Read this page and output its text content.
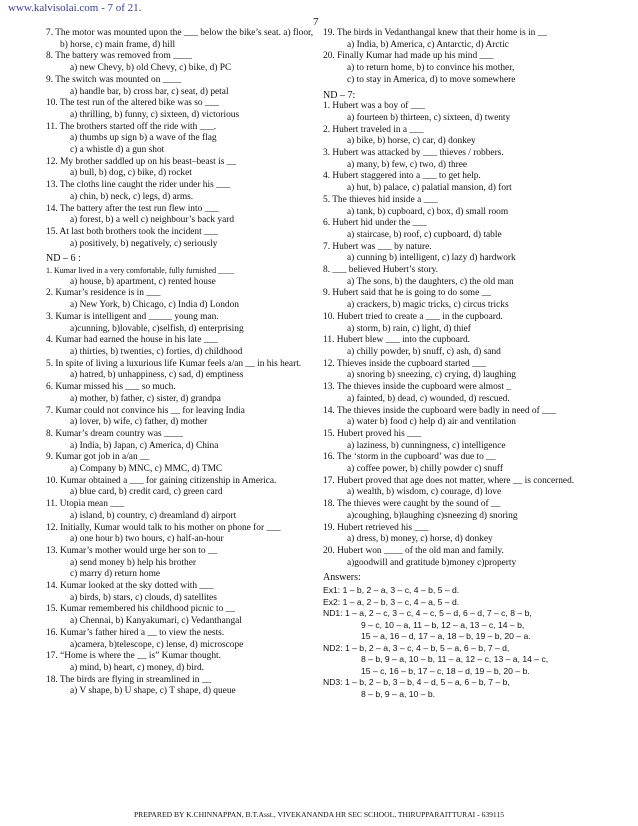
www.kalvisolai.com - 7 of 21.
7
7. The motor was mounted upon the ___ below the bike’s seat. a) floor, b) horse, c) main frame, d) hill
8. The battery was removed from ____
a) new Chevy, b) old Chevy, c) bike, d) PC
9. The switch was mounted on ____
a) handle bar, b) cross bar, c) seat, d) petal
10. The test run of the altered bike was so ___
a) thrilling, b) funny, c) sixteen, d) victorious
11. The brothers started off the ride with ___.
a) thumbs up sign b) a wave of the flag
c) a whistle d) a gun shot
12. My brother saddled up on his beast–beast is __
a) bull, b) dog, c) bike, d) rocket
13. The cloths line caught the rider under his ___
a) chin, b) neck, c) legs, d) arms.
14. The battery after the test run flew into ___
a) forest, b) a well c) neighbour’s back yard
15. At last both brothers took the incident ___
a) positively, b) negatively, c) seriously
ND – 6 :
1. Kumar lived in a very comfortable, fully furnished ____
a) house, b) apartment, c) rented house
2. Kumar’s residence is in ___
a) New York, b) Chicago, c) India d) London
3. Kumar is intelligent and _____ young man.
a)cunning, b)lovable, c)selfish, d) enterprising
4. Kumar had earned the house in his late ___
a) thirties, b) twenties, c) forties, d) childhood
5. In spite of living a luxurious life Kumar feels a/an __ in his heart.
a) hatred, b) unhappiness, c) sad, d) emptiness
6. Kumar missed his ___ so much.
a) mother, b) father, c) sister, d) grandpa
7. Kumar could not convince his __ for leaving India
a) lover, b) wife, c) father, d) mother
8. Kumar’s dream country was ____
a) India, b) Japan, c) America, d) China
9. Kumar got job in a/an __
a) Company b) MNC, c) MMC, d) TMC
10. Kumar obtained a ___ for gaining citizenship in America.
a) blue card, b) credit card, c) green card
11. Utopia mean ___
a) island, b) country, c) dreamland d) airport
12. Initially, Kumar would talk to his mother on phone for ___
a) one hour b) two hours, c) half-an-hour
13. Kumar’s mother would urge her son to __
a) send money b) help his brother
c) marry d) return home
14. Kumar looked at the sky dotted with ___
a) birds, b) stars, c) clouds, d) satellites
15. Kumar remembered his childhood picnic to __
a) Chennai, b) Kanyakumari, c) Vedanthangal
16. Kumar’s father hired a __ to view the nests.
a)camera, b)telescope, c) lense, d) microscope
17. “Home is where the __ is” Kumar thought.
a) mind, b) heart, c) money, d) bird.
18. The birds are flying in streamlined in __
a) V shape, b) U shape, c) T shape, d) queue
19. The birds in Vedanthangal knew that their home is in __
a) India, b) America, c) Antarctic, d) Arctic
20. Finally Kumar had made up his mind ___
a) to return home, b) to convince his mother,
c) to stay in America, d) to move somewhere
ND – 7:
1. Hubert was a boy of ___
a) fourteen b) thirteen, c) sixteen, d) twenty
2. Hubert traveled in a ___
a) bike, b) horse, c) car, d) donkey
3. Hubert was attacked by ___ thieves / robbers.
a) many, b) few, c) two, d) three
4. Hubert staggered into a ___ to get help.
a) hut, b) palace, c) palatial mansion, d) fort
5. The thieves hid inside a ___
a) tank, b) cupboard, c) box, d) small room
6. Hubert hid under the ___
a) staircase, b) roof, c) cupboard, d) table
7. Hubert was ___ by nature.
a) cunning b) intelligent, c) lazy d) hardwork
8. ___ believed Hubert’s story.
a) The sons, b) the daughters, c) the old man
9. Hubert said that he is going to do some __
a) crackers, b) magic tricks, c) circus tricks
10. Hubert tried to create a ___ in the cupboard.
a) storm, b) rain, c) light, d) thief
11. Hubert blew ___ into the cupboard.
a) chilly powder, b) snuff, c) ash, d) sand
12. Thieves inside the cupboard started ___
a) snoring b) sneezing, c) crying, d) laughing
13. The thieves inside the cupboard were almost _
a) fainted, b) dead, c) wounded, d) rescued.
14. The thieves inside the cupboard were badly in need of ___
a) water b) food c) help d) air and ventilation
15. Hubert proved his ___
a) laziness, b) cunningness, c) intelligence
16. The ‘storm in the cupboard’ was due to __
a) coffee power, b) chilly powder c) snuff
17. Hubert proved that age does not matter, where __ is concerned.
a) wealth, b) wisdom, c) courage, d) love
18. The thieves were caught by the sound of __
a)coughing, b)laughing c)sneezing d) snoring
19. Hubert retrieved his ___
a) dress, b) money, c) horse, d) donkey
20. Hubert won ____ of the old man and family.
a)goodwill and gratitude b)money c)property
Answers:
Ex1: 1 – b, 2 – a, 3 – c, 4 – b, 5 – d.
Ex2: 1 – a, 2 – b, 3 – c, 4 – a, 5 – d.
ND1: 1 – a, 2 – c, 3 – c, 4 – c, 5 – d, 6 – d, 7 – c, 8 – b,
9 – c, 10 – a, 11 – b, 12 – a, 13 – c, 14 – b,
15 – a, 16 – d, 17 – a, 18 – b, 19 – b, 20 – a.
ND2: 1 – b, 2 – a, 3 – c, 4 – b, 5 – a, 6 – b, 7 – d,
8 – b, 9 – a, 10 – b, 11 – a, 12 – c, 13 – a, 14 – c,
15 – c, 16 – b, 17 – c, 18 – d, 19 – b, 20 – b.
ND3: 1 – b, 2 – b, 3 – b, 4 – d, 5 – a, 6 – b, 7 – b,
8 – b, 9 – a, 10 – b.
PREPARED BY K.CHINNAPPAN, B.T.Asst., VIVEKANANDA HR SEC SCHOOL, THIRUPPARAITTURAI - 639115
